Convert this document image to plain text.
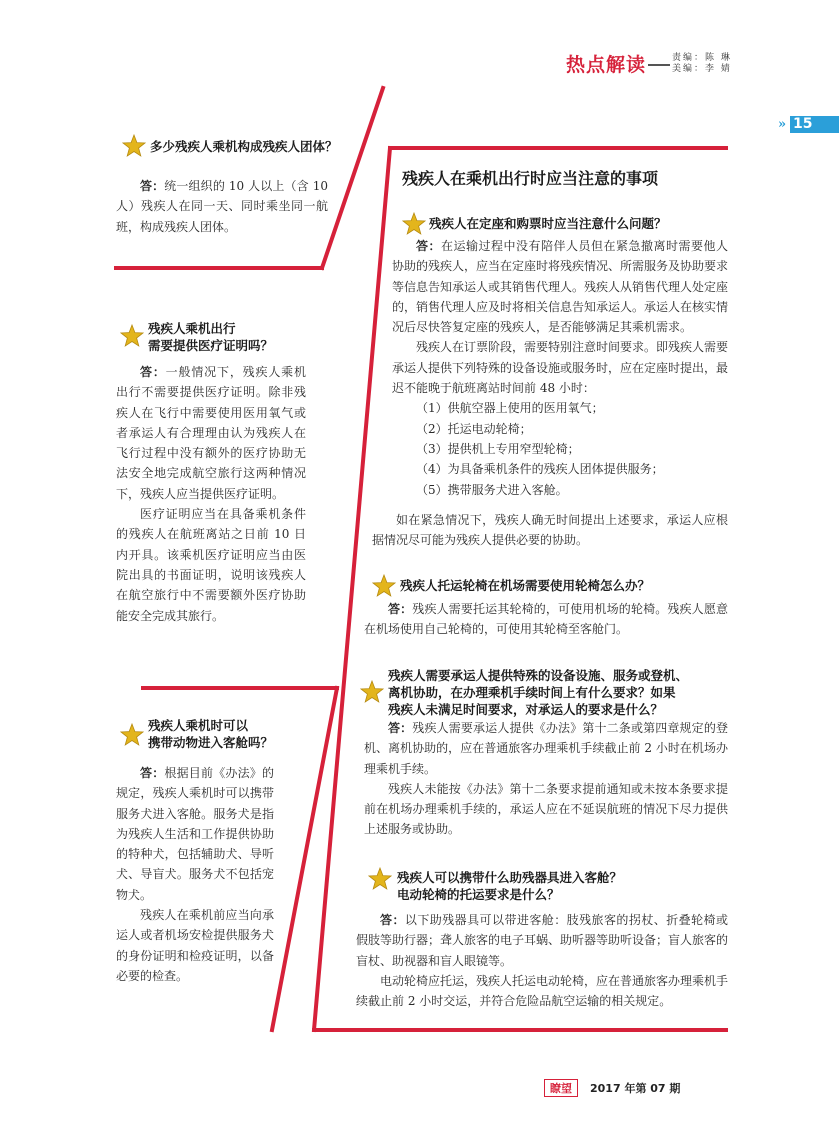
热点解读	责编：陈 琳
美编：李 婧
» 15
多少残疾人乘机构成残疾人团体？

答：统一组织的 10 人以上（含 10 人）残疾人在同一天、同时乘坐同一航班，构成残疾人团体。

残疾人乘机出行
需要提供医疗证明吗？

答：一般情况下，残疾人乘机出行不需要提供医疗证明。除非残疾人在飞行中需要使用医用氧气或者承运人有合理理由认为残疾人在飞行过程中没有额外的医疗协助无法安全地完成航空旅行这两种情况下，残疾人应当提供医疗证明。

医疗证明应当在具备乘机条件的残疾人在航班离站之日前 10 日内开具。该乘机医疗证明应当由医院出具的书面证明，说明该残疾人在航空旅行中不需要额外医疗协助能安全完成其旅行。

残疾人乘机时可以
携带动物进入客舱吗？

答：根据目前《办法》的规定，残疾人乘机时可以携带服务犬进入客舱。服务犬是指为残疾人生活和工作提供协助的特种犬，包括辅助犬、导听犬、导盲犬。服务犬不包括宠物犬。

残疾人在乘机前应当向承运人或者机场安检提供服务犬的身份证明和检疫证明，以备必要的检查。

残疾人在乘机出行时应当注意的事项
残疾人在定座和购票时应当注意什么问题？

答：在运输过程中没有陪伴人员但在紧急撤离时需要他人协助的残疾人，应当在定座时将残疾情况、所需服务及协助要求等信息告知承运人或其销售代理人。残疾人从销售代理人处定座的，销售代理人应及时将相关信息告知承运人。承运人在核实情况后尽快答复定座的残疾人，是否能够满足其乘机需求。

残疾人在订票阶段，需要特别注意时间要求。即残疾人需要承运人提供下列特殊的设备设施或服务时，应在定座时提出，最迟不能晚于航班离站时间前 48 小时：

（1）供航空器上使用的医用氧气；

（2）托运电动轮椅；

（3）提供机上专用窄型轮椅；

（4）为具备乘机条件的残疾人团体提供服务；

（5）携带服务犬进入客舱。

如在紧急情况下，残疾人确无时间提出上述要求，承运人应根据情况尽可能为残疾人提供必要的协助。

残疾人托运轮椅在机场需要使用轮椅怎么办？

答：残疾人需要托运其轮椅的，可使用机场的轮椅。残疾人愿意在机场使用自己轮椅的，可使用其轮椅至客舱门。

残疾人需要承运人提供特殊的设备设施、服务或登机、
离机协助，在办理乘机手续时间上有什么要求？如果
残疾人未满足时间要求，对承运人的要求是什么？

答：残疾人需要承运人提供《办法》第十二条或第四章规定的登机、离机协助的，应在普通旅客办理乘机手续截止前 2 小时在机场办理乘机手续。

残疾人未能按《办法》第十二条要求提前通知或未按本条要求提前在机场办理乘机手续的，承运人应在不延误航班的情况下尽力提供上述服务或协助。

残疾人可以携带什么助残器具进入客舱？
电动轮椅的托运要求是什么？

答：以下助残器具可以带进客舱：肢残旅客的拐杖、折叠轮椅或假肢等助行器；聋人旅客的电子耳蜗、助听器等助听设备；盲人旅客的盲杖、助视器和盲人眼镜等。

电动轮椅应托运，残疾人托运电动轮椅，应在普通旅客办理乘机手续截止前 2 小时交运，并符合危险品航空运输的相关规定。

瞭望	2017 年第 07 期
